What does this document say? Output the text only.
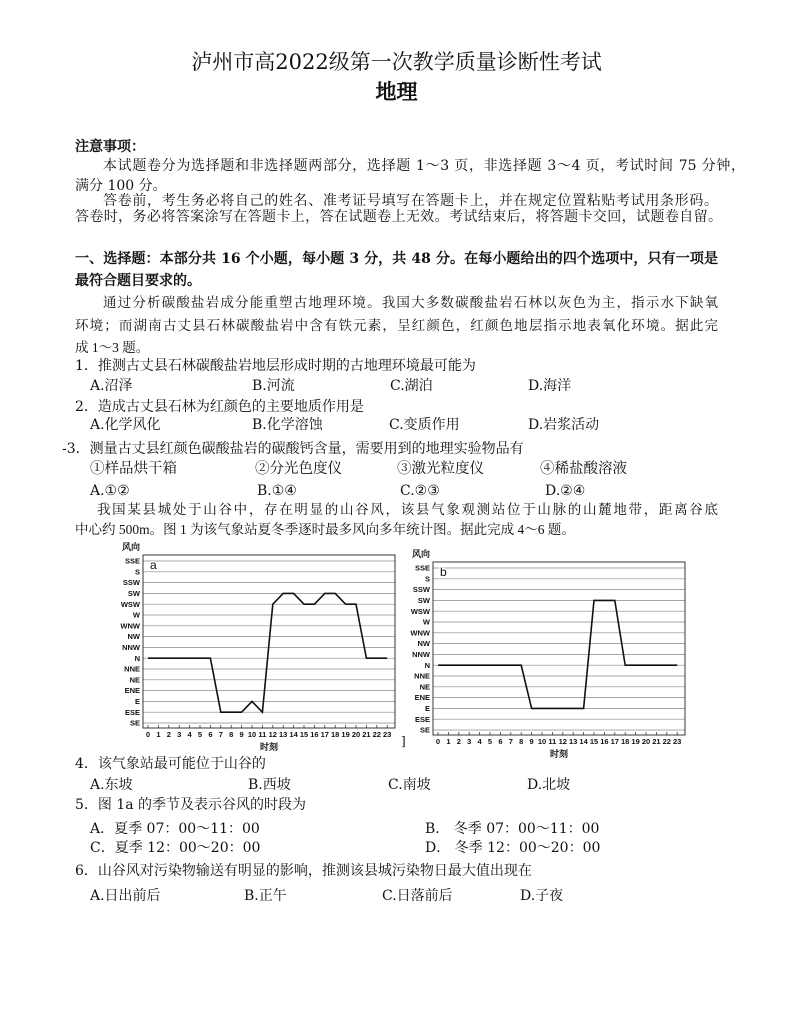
泸州市高2022级第一次教学质量诊断性考试
地理
注意事项：
本试题卷分为选择题和非选择题两部分，选择题 1～3 页，非选择题 3～4 页，考试时间 75 分钟，
满分 100 分。
答卷前，考生务必将自己的姓名、准考证号填写在答题卡上，并在规定位置粘贴考试用条形码。
答卷时，务必将答案涂写在答题卡上，答在试题卷上无效。考试结束后，将答题卡交回，试题卷自留。
一、选择题：本部分共 16 个小题，每小题 3 分，共 48 分。在每小题给出的四个选项中，只有一项是
最符合题目要求的。
通过分析碳酸盐岩成分能重塑古地理环境。我国大多数碳酸盐岩石林以灰色为主，指示水下缺氧
环境；而湖南古丈县石林碳酸盐岩中含有铁元素，呈红颜色，红颜色地层指示地表氧化环境。据此完
成 1～3 题。
1．推测古丈县石林碳酸盐岩地层形成时期的古地理环境最可能为
A.沼泽	B.河流	C.湖泊	D.海洋
2．造成古丈县石林为红颜色的主要地质作用是
A.化学风化	B.化学溶蚀	C.变质作用	D.岩浆活动
-3．测量古丈县红颜色碳酸盐岩的碳酸钙含量，需要用到的地理实验物品有
①样品烘干箱	②分光色度仪	③激光粒度仪	④稀盐酸溶液
A.①②	B.①④	C.②③	D.②④
我国某县城处于山谷中，存在明显的山谷风，该县气象观测站位于山脉的山麓地带，距离谷底
中心约 500m。图 1 为该气象站夏冬季逐时最多风向多年统计图。据此完成 4～6 题。
SSE
S
SSW
SW
WSW
W
WNW
NW
NNW
N
NNE
NE
ENE
E
ESE
SE
0 1 2 3 4 5 6 7 8 9 10 11 12 13 14 15 16 17 18 19 20 21 22 23
a
风向
时刻
SSE
S
SSW
SW
WSW
W
WNW
NW
NNW
N
NNE
NE
ENE
E
ESE
SE
0 1 2 3 4 5 6 7 8 9 10 11 12 13 14 15 16 17 18 19 20 21 22 23
b
风向
时刻
]
4．该气象站最可能位于山谷的
A.东坡	B.西坡	C.南坡	D.北坡
5．图 1a 的季节及表示谷风的时段为
A．夏季 07：00～11：00	B． 冬季 07：00～11：00
C．夏季 12：00～20：00	D． 冬季 12：00～20：00
6．山谷风对污染物输送有明显的影响，推测该县城污染物日最大值出现在
A.日出前后	B.正午	C.日落前后	D.子夜
